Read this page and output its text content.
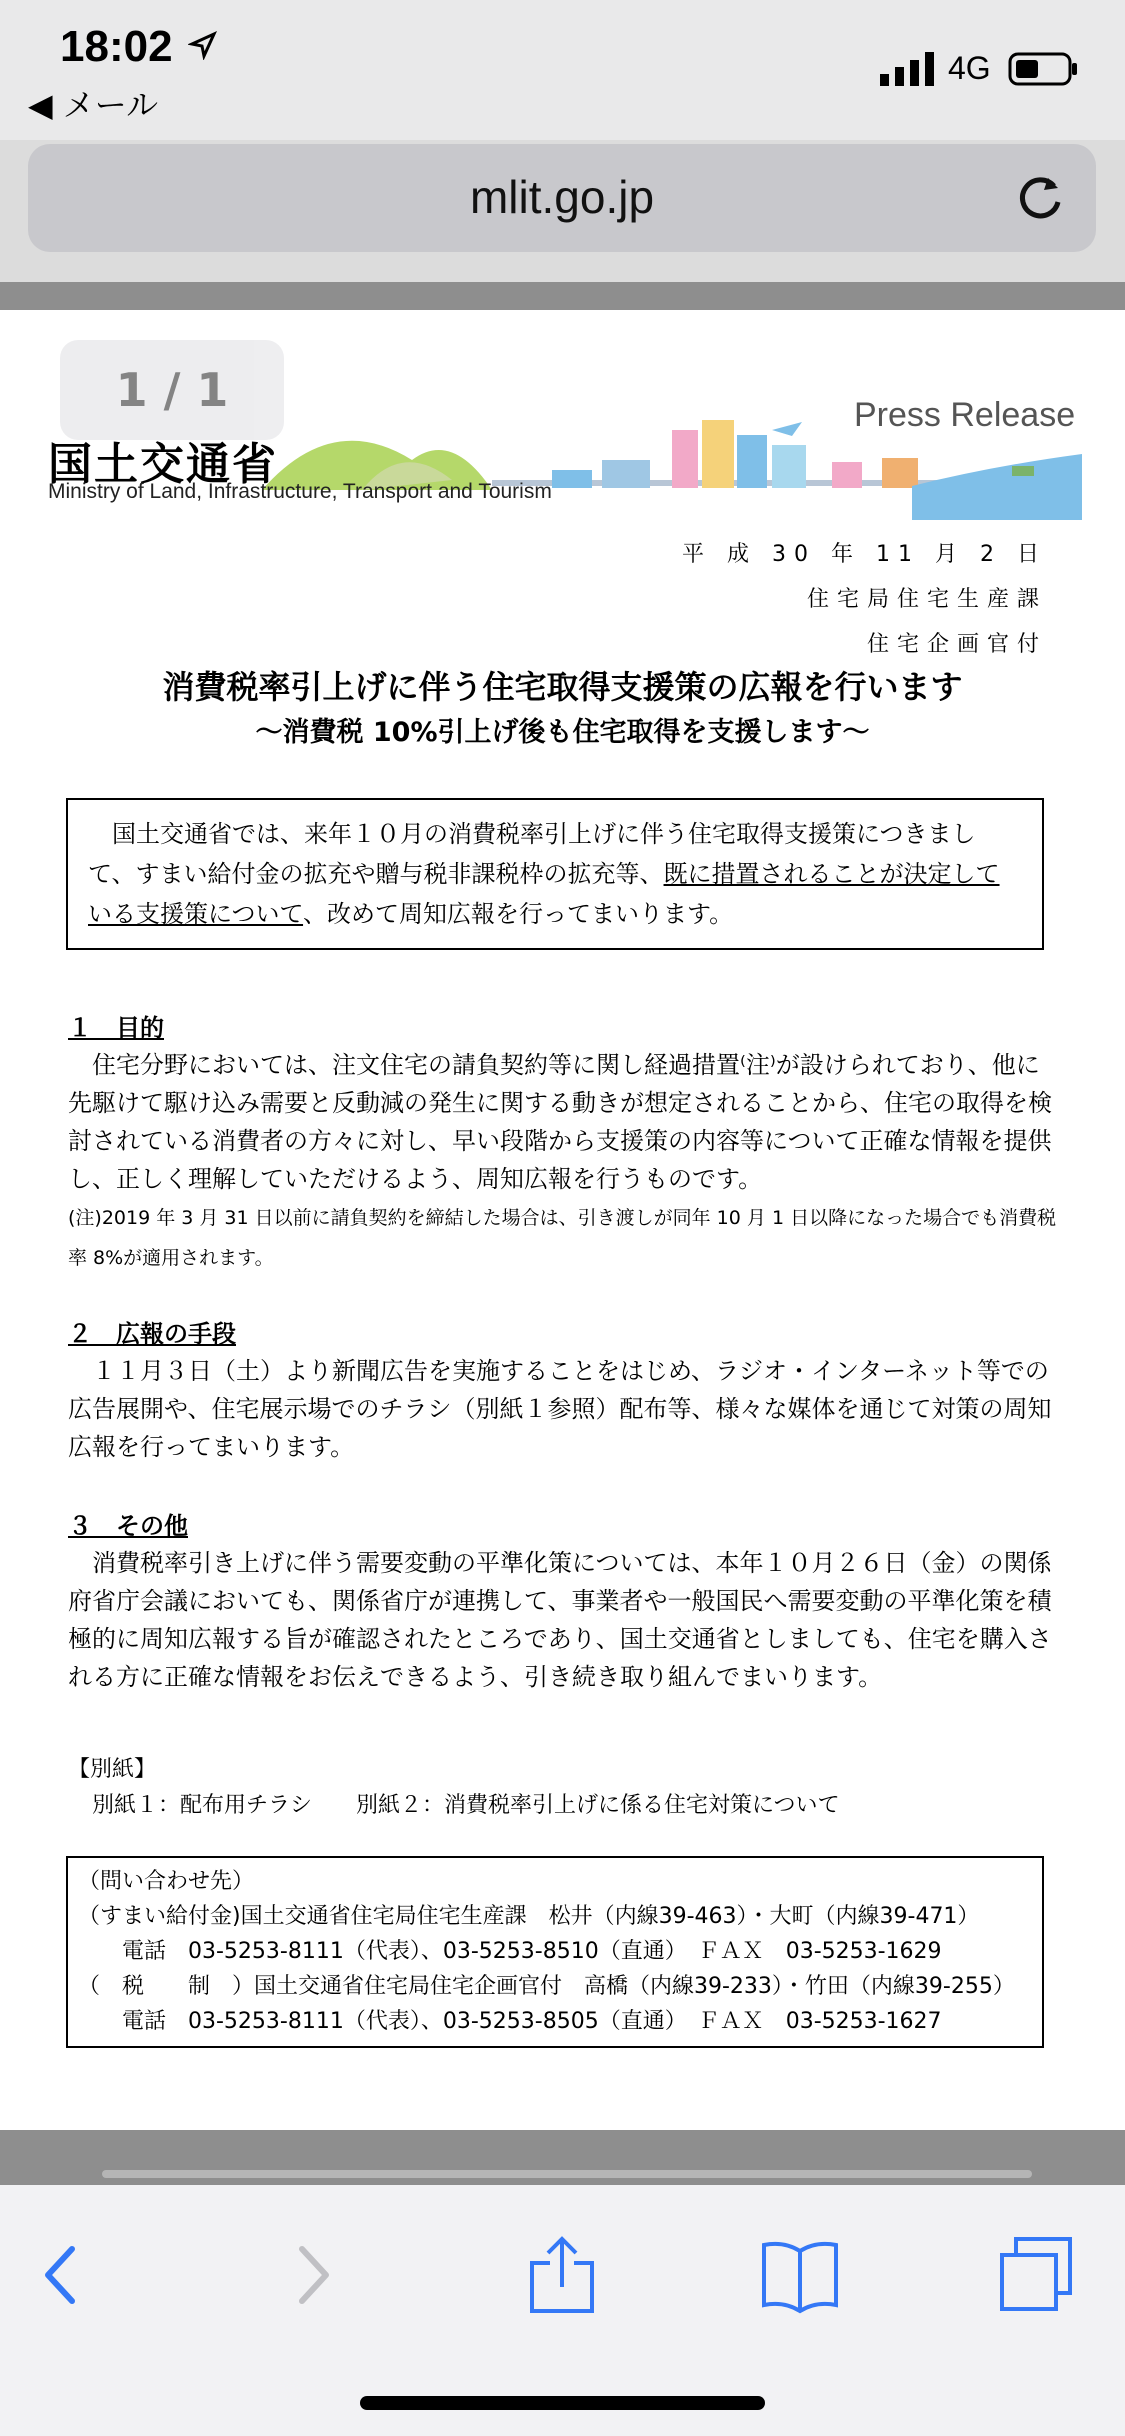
18:02
◀ メール
4G
mlit.go.jp
1 / 1	Press Release
国土交通省
Ministry of Land, Infrastructure, Transport and Tourism
平 成 30 年 11 月 2 日
住宅局住宅生産課
住宅企画官付
消費税率引上げに伴う住宅取得支援策の広報を行います
～消費税 10%引上げ後も住宅取得を支援します～
　国土交通省では、来年１０月の消費税率引上げに伴う住宅取得支援策につきまして、すまい給付金の拡充や贈与税非課税枠の拡充等、既に措置されることが決定している支援策について、改めて周知広報を行ってまいります。
１　目的
　住宅分野においては、注文住宅の請負契約等に関し経過措置⁽注⁾が設けられており、他に先駆けて駆け込み需要と反動減の発生に関する動きが想定されることから、住宅の取得を検討されている消費者の方々に対し、早い段階から支援策の内容等について正確な情報を提供し、正しく理解していただけるよう、周知広報を行うものです。
(注)2019 年 3 月 31 日以前に請負契約を締結した場合は、引き渡しが同年 10 月 1 日以降になった場合でも消費税率 8%が適用されます。
２　広報の手段
　１１月３日（土）より新聞広告を実施することをはじめ、ラジオ・インターネット等での広告展開や、住宅展示場でのチラシ（別紙１参照）配布等、様々な媒体を通じて対策の周知広報を行ってまいります。
３　その他
　消費税率引き上げに伴う需要変動の平準化策については、本年１０月２６日（金）の関係府省庁会議においても、関係省庁が連携して、事業者や一般国民へ需要変動の平準化策を積極的に周知広報する旨が確認されたところであり、国土交通省としましても、住宅を購入される方に正確な情報をお伝えできるよう、引き続き取り組んでまいります。
【別紙】
別紙１：配布用チラシ　　別紙２：消費税率引上げに係る住宅対策について
（問い合わせ先）
（すまい給付金)国土交通省住宅局住宅生産課　松井（内線39-463）・大町（内線39-471）
　　電話　03-5253-8111（代表）、03-5253-8510（直通）　ＦＡＸ　03-5253-1629
（　税　　制　）国土交通省住宅局住宅企画官付　高橋（内線39-233）・竹田（内線39-255）
　　電話　03-5253-8111（代表）、03-5253-8505（直通）　ＦＡＸ　03-5253-1627
